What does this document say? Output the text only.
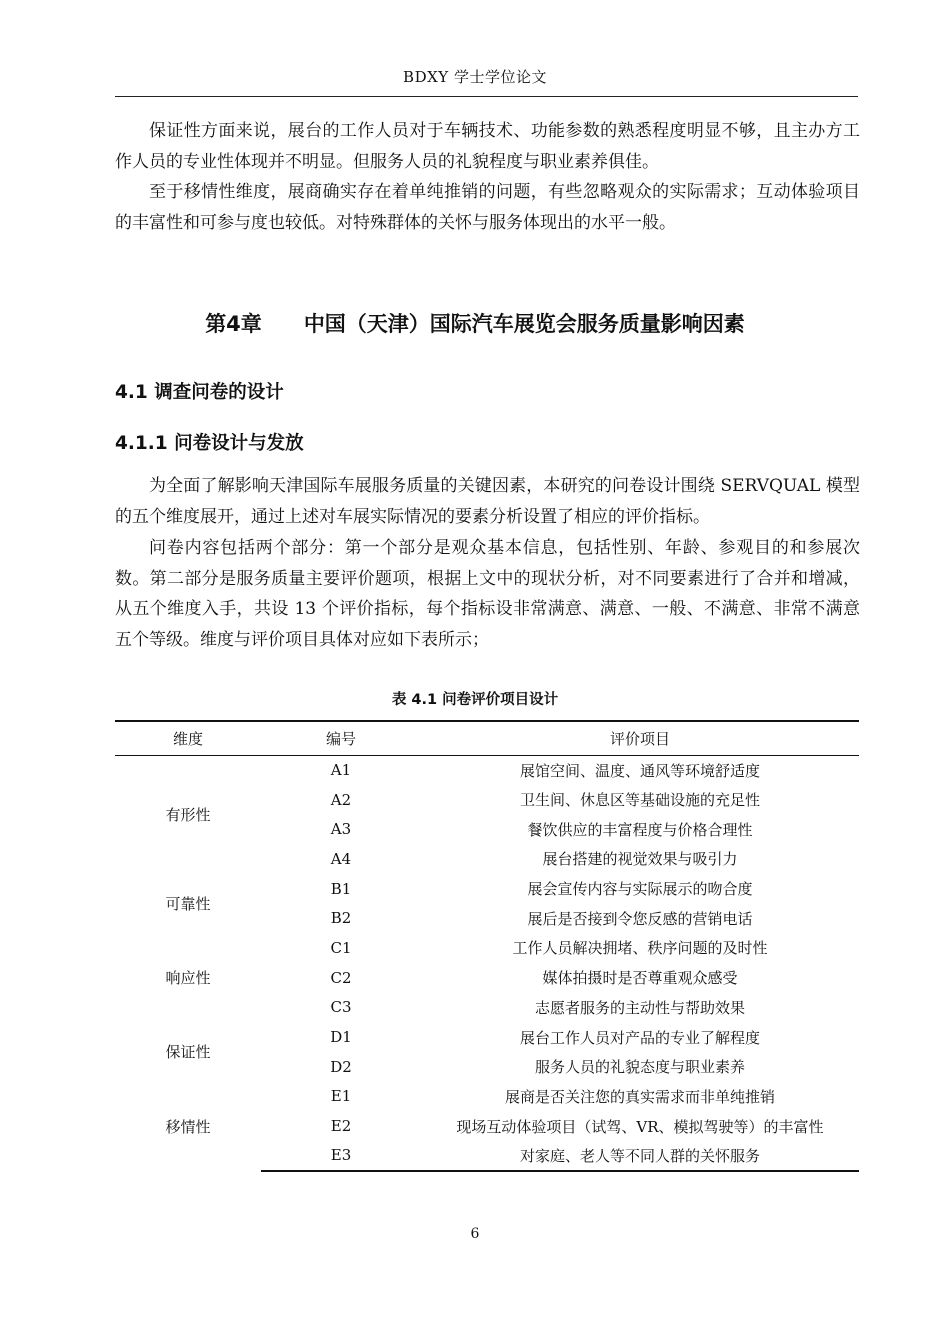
BDXY 学士学位论文

保证性方面来说，展台的工作人员对于车辆技术、功能参数的熟悉程度明显不够，且主办方工作人员的专业性体现并不明显。但服务人员的礼貌程度与职业素养俱佳。

至于移情性维度，展商确实存在着单纯推销的问题，有些忽略观众的实际需求；互动体验项目的丰富性和可参与度也较低。对特殊群体的关怀与服务体现出的水平一般。

第4章 中国（天津）国际汽车展览会服务质量影响因素
4.1 调查问卷的设计
4.1.1 问卷设计与发放

为全面了解影响天津国际车展服务质量的关键因素，本研究的问卷设计围绕 SERVQUAL 模型的五个维度展开，通过上述对车展实际情况的要素分析设置了相应的评价指标。

问卷内容包括两个部分：第一个部分是观众基本信息，包括性别、年龄、参观目的和参展次数。第二部分是服务质量主要评价题项，根据上文中的现状分析，对不同要素进行了合并和增减，从五个维度入手，共设 13 个评价指标，每个指标设非常满意、满意、一般、不满意、非常不满意五个等级。维度与评价项目具体对应如下表所示；

表 4.1 问卷评价项目设计
维度	编号	评价项目
有形性	A1	展馆空间、温度、通风等环境舒适度
	A2	卫生间、休息区等基础设施的充足性
	A3	餐饮供应的丰富程度与价格合理性
	A4	展台搭建的视觉效果与吸引力
可靠性	B1	展会宣传内容与实际展示的吻合度
	B2	展后是否接到令您反感的营销电话
响应性	C1	工作人员解决拥堵、秩序问题的及时性
	C2	媒体拍摄时是否尊重观众感受
	C3	志愿者服务的主动性与帮助效果
保证性	D1	展台工作人员对产品的专业了解程度
	D2	服务人员的礼貌态度与职业素养
移情性	E1	展商是否关注您的真实需求而非单纯推销
	E2	现场互动体验项目（试驾、VR、模拟驾驶等）的丰富性
	E3	对家庭、老人等不同人群的关怀服务
6
